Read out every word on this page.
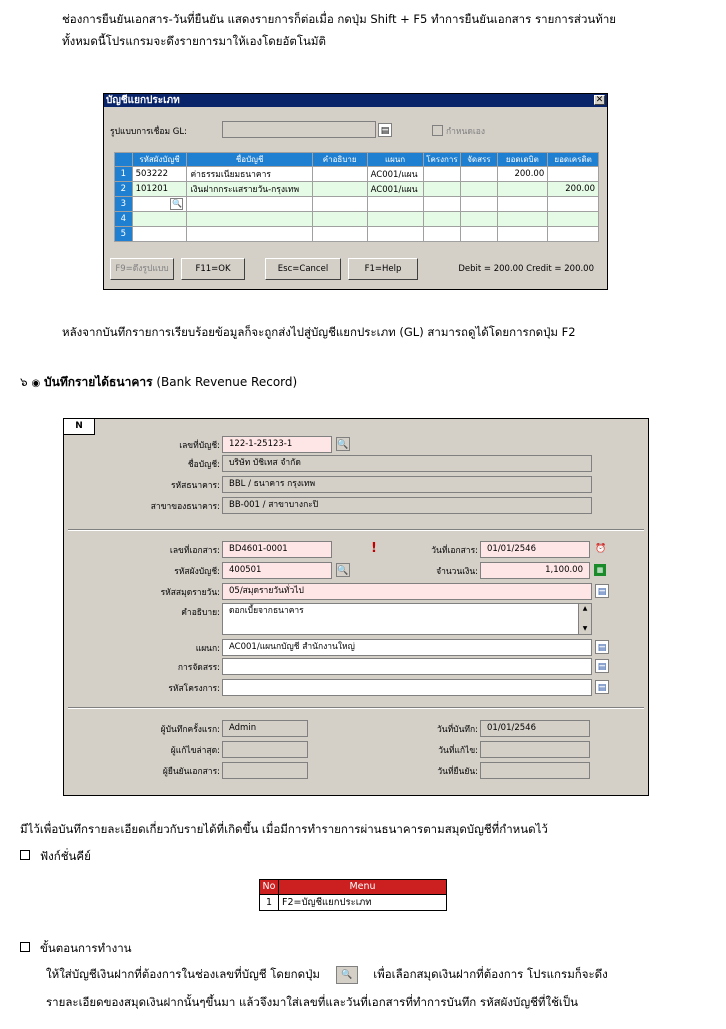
ช่องการยืนยันเอกสาร-วันที่ยืนยัน แสดงรายการก็ต่อเมื่อ กดปุ่ม Shift + F5 ทำการยืนยันเอกสาร รายการส่วนท้าย
ทั้งหมดนี้โปรแกรมจะดึงรายการมาให้เองโดยอัตโนมัติ
บัญชีแยกประเภท	✕
รูปแบบการเชื่อม GL:	▤	กำหนดเอง
	รหัสผังบัญชี	ชื่อบัญชี	คำอธิบาย	แผนก	โครงการ	จัดสรร	ยอดเดบิต	ยอดเครดิต
1	503222	ค่าธรรมเนียมธนาคาร		AC001/แผน			200.00	
2	101201	เงินฝากกระแสรายวัน-กรุงเทพ		AC001/แผน				200.00
3	🔍							
4								
5								
F9=ดึงรูปแบบ	F11=OK	Esc=Cancel	F1=Help	Debit = 200.00 Credit = 200.00
หลังจากบันทึกรายการเรียบร้อยข้อมูลก็จะถูกส่งไปสู่บัญชีแยกประเภท (GL) สามารถดูได้โดยการกดปุ่ม F2
๖ ◉ บันทึกรายได้ธนาคาร (Bank Revenue Record)
N
เลขที่บัญชี:	122-1-25123-1	🔍
ชื่อบัญชี:	บริษัท บัชิเทส จำกัด
รหัสธนาคาร:	BBL / ธนาคาร กรุงเทพ
สาขาของธนาคาร:	BB-001 / สาขาบางกะปิ
เลขที่เอกสาร:	BD4601-0001	!	วันที่เอกสาร:	01/01/2546	⏰
รหัสผังบัญชี:	400501	🔍	จำนวนเงิน:	1,100.00	▦
รหัสสมุดรายวัน:	05/สมุดรายวันทั่วไป	▤
คำอธิบาย:	ดอกเบี้ยจากธนาคาร	▲
▼
แผนก:	AC001/แผนกบัญชี สำนักงานใหญ่	▤
การจัดสรร:	▤
รหัสโครงการ:	▤
ผู้บันทึกครั้งแรก:	Admin	วันที่บันทึก:	01/01/2546
ผู้แก้ไขล่าสุด:	วันที่แก้ไข:
ผู้ยืนยันเอกสาร:	วันที่ยืนยัน:
มีไว้เพื่อบันทึกรายละเอียดเกี่ยวกับรายได้ที่เกิดขึ้น เมื่อมีการทำรายการผ่านธนาคารตามสมุดบัญชีที่กำหนดไว้
ฟังก์ชั่นคีย์
No	Menu
1	F2=บัญชีแยกประเภท
ขั้นตอนการทำงาน
ให้ใส่บัญชีเงินฝากที่ต้องการในช่องเลขที่บัญชี โดยกดปุ่ม 🔍 เพื่อเลือกสมุดเงินฝากที่ต้องการ โปรแกรมก็จะดึง
รายละเอียดของสมุดเงินฝากนั้นๆขึ้นมา แล้วจึงมาใส่เลขที่และวันที่เอกสารที่ทำการบันทึก รหัสผังบัญชีที่ใช้เป็น
